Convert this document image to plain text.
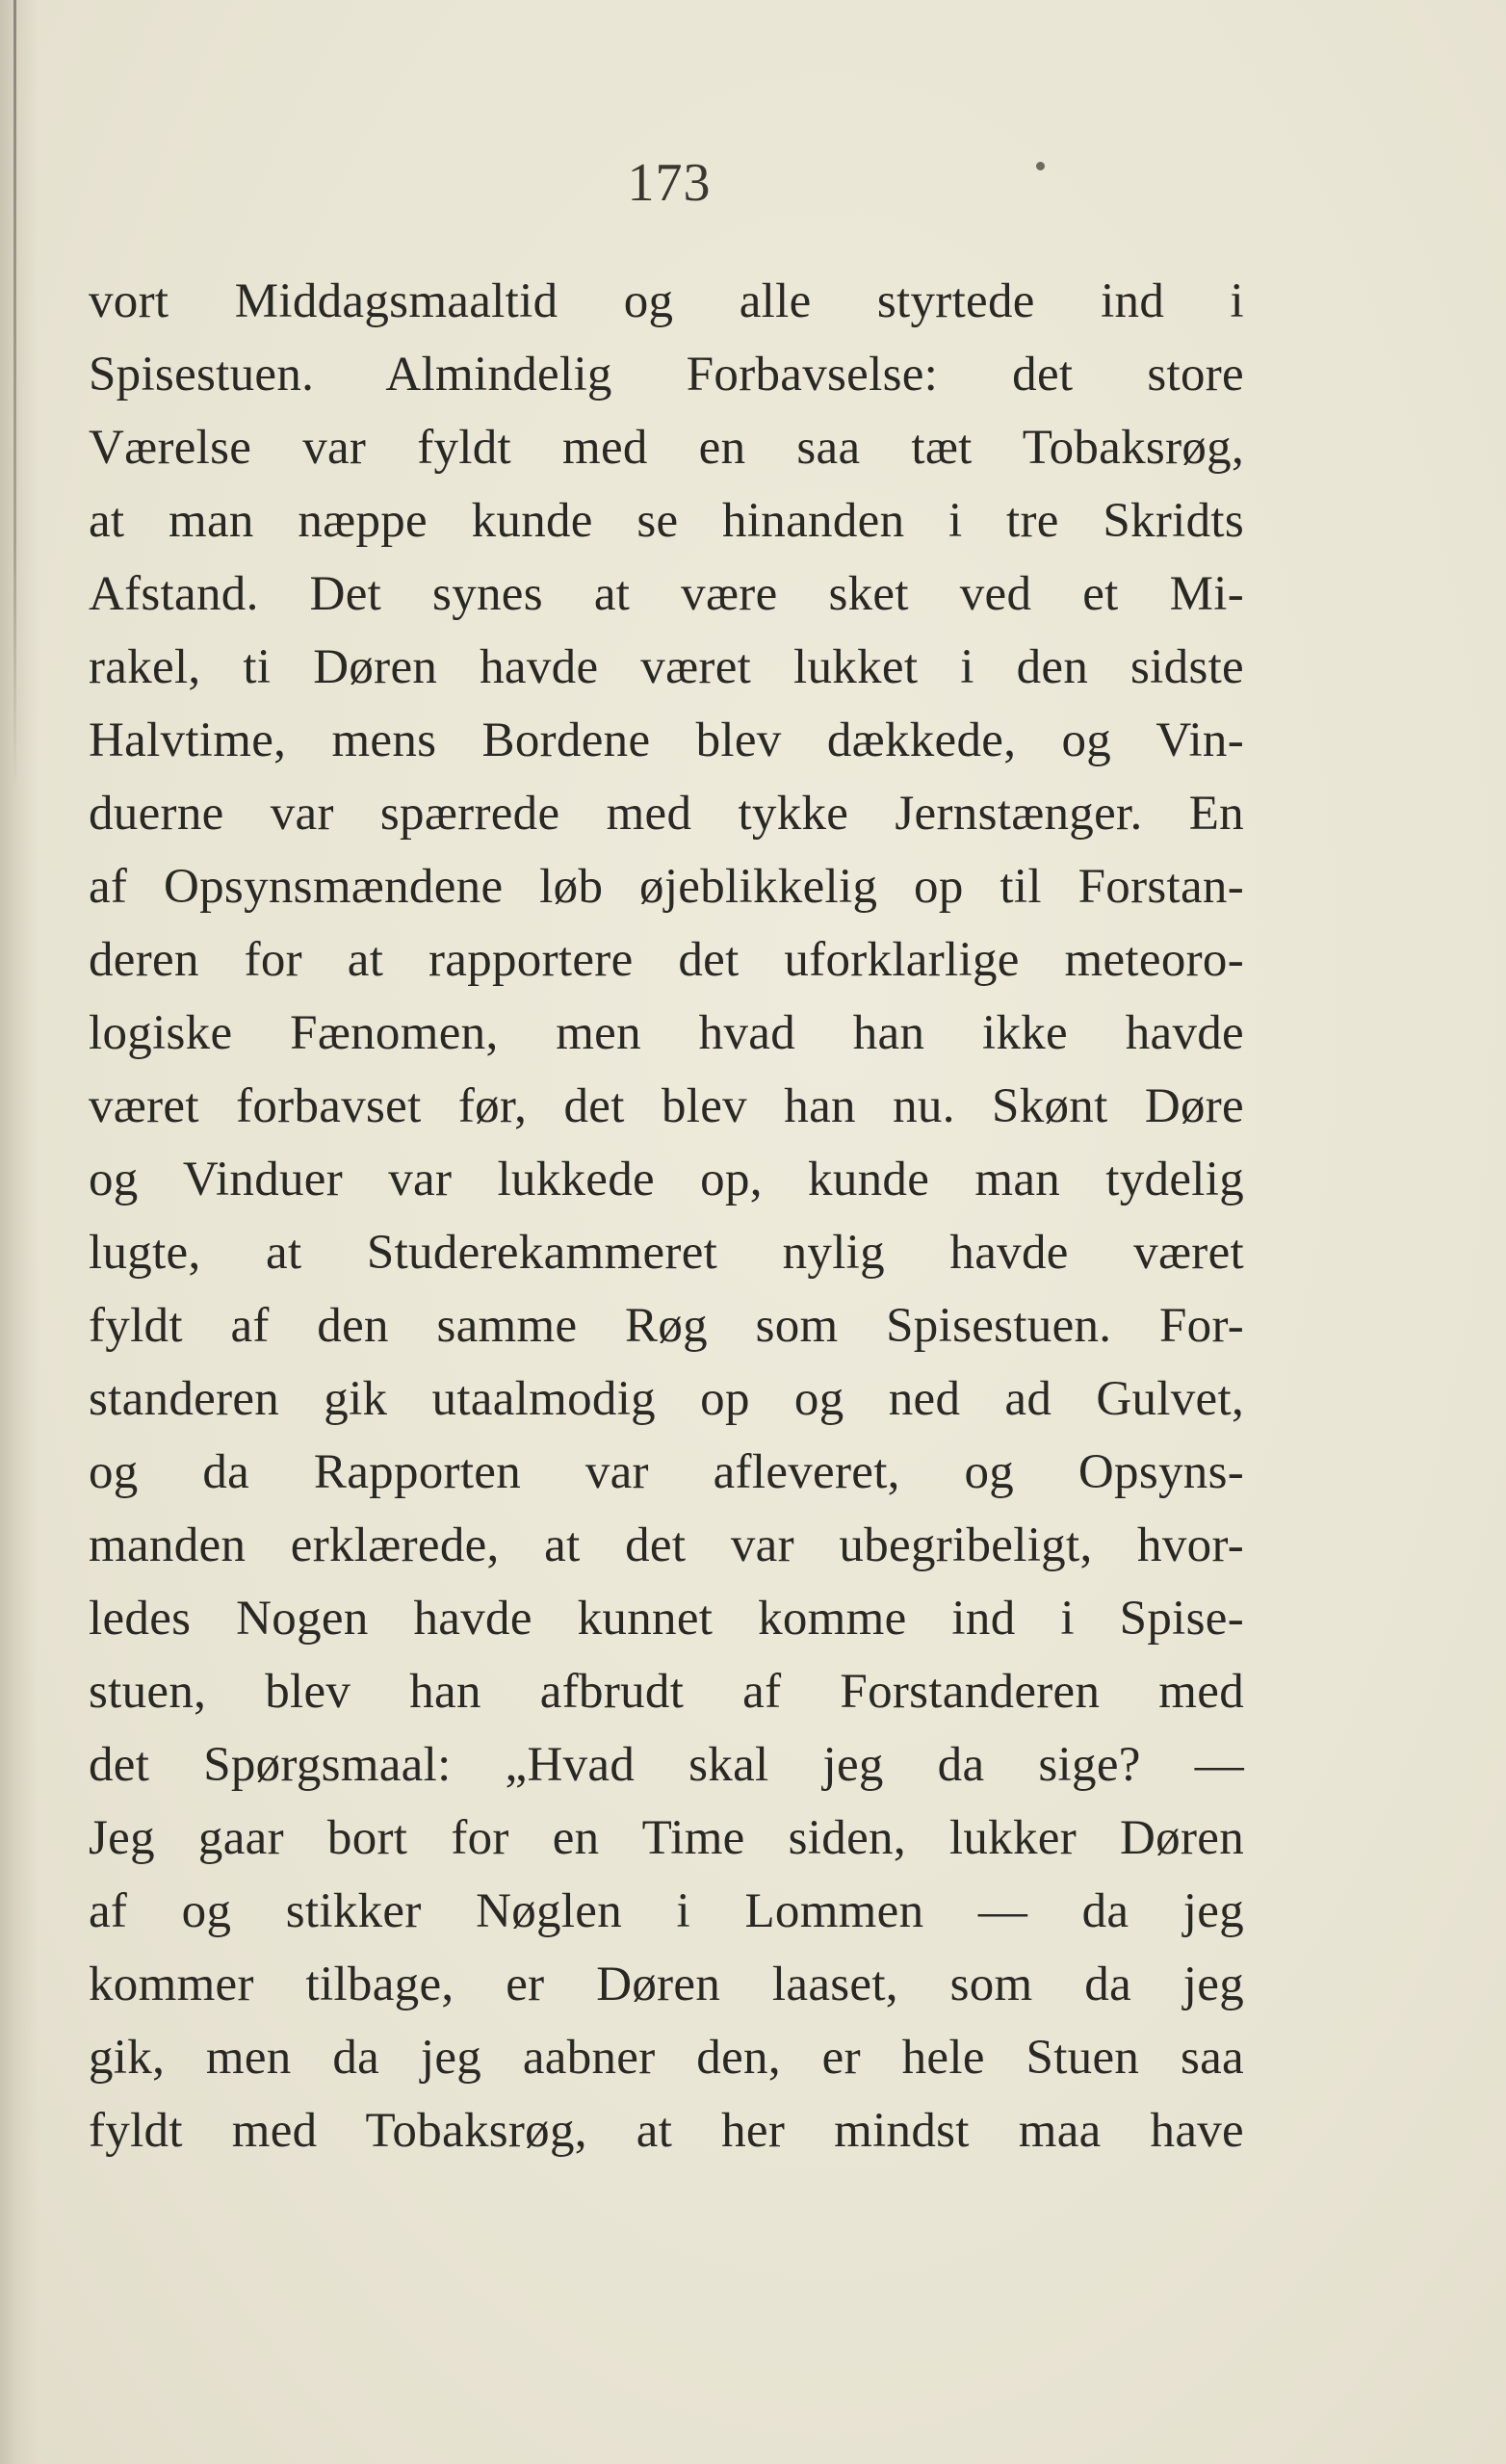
173
vort Middagsmaaltid og alle styrtede ind i
Spisestuen. Almindelig Forbavselse: det store
Værelse var fyldt med en saa tæt Tobaksrøg,
at man næppe kunde se hinanden i tre Skridts
Afstand. Det synes at være sket ved et Mi-
rakel, ti Døren havde været lukket i den sidste
Halvtime, mens Bordene blev dækkede, og Vin-
duerne var spærrede med tykke Jernstænger. En
af Opsynsmændene løb øjeblikkelig op til Forstan-
deren for at rapportere det uforklarlige meteoro-
logiske Fænomen, men hvad han ikke havde
været forbavset før, det blev han nu. Skønt Døre
og Vinduer var lukkede op, kunde man tydelig
lugte, at Studerekammeret nylig havde været
fyldt af den samme Røg som Spisestuen. For-
standeren gik utaalmodig op og ned ad Gulvet,
og da Rapporten var afleveret, og Opsyns-
manden erklærede, at det var ubegribeligt, hvor-
ledes Nogen havde kunnet komme ind i Spise-
stuen, blev han afbrudt af Forstanderen med
det Spørgsmaal: „Hvad skal jeg da sige? —
Jeg gaar bort for en Time siden, lukker Døren
af og stikker Nøglen i Lommen — da jeg
kommer tilbage, er Døren laaset, som da jeg
gik, men da jeg aabner den, er hele Stuen saa
fyldt med Tobaksrøg, at her mindst maa have
